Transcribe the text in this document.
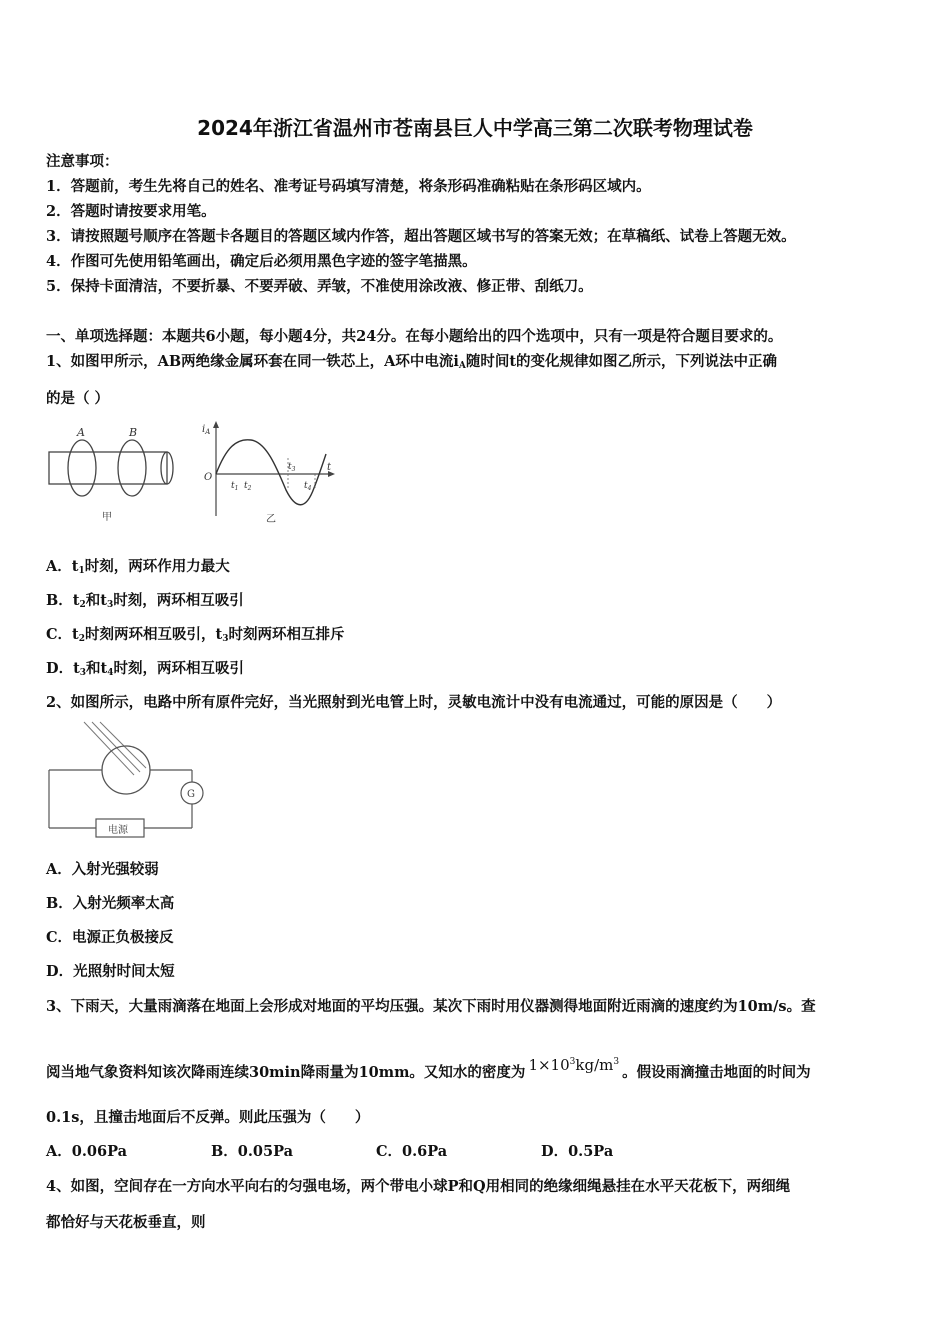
2024年浙江省温州市苍南县巨人中学高三第二次联考物理试卷
注意事项：
1．答题前，考生先将自己的姓名、准考证号码填写清楚，将条形码准确粘贴在条形码区域内。
2．答题时请按要求用笔。
3．请按照题号顺序在答题卡各题目的答题区域内作答，超出答题区域书写的答案无效；在草稿纸、试卷上答题无效。
4．作图可先使用铅笔画出，确定后必须用黑色字迹的签字笔描黑。
5．保持卡面清洁，不要折暴、不要弄破、弄皱，不准使用涂改液、修正带、刮纸刀。
一、单项选择题：本题共6小题，每小题4分，共24分。在每小题给出的四个选项中，只有一项是符合题目要求的。
1、如图甲所示，AB两绝缘金属环套在同一铁芯上，A环中电流$i_A$随时间t的变化规律如图乙所示，下列说法中正确
的是（ ）
A	B
甲
$i_A$
O
t
$t_1$ $t_2$
$t_3$
$t_4$
乙
A．$t_1$时刻，两环作用力最大
B．$t_2$和$t_3$时刻，两环相互吸引
C．$t_2$时刻两环相互吸引，$t_3$时刻两环相互排斥
D．$t_3$和$t_4$时刻，两环相互吸引
2、如图所示，电路中所有原件完好，当光照射到光电管上时，灵敏电流计中没有电流通过，可能的原因是（　　）
G
电源
A．入射光强较弱
B．入射光频率太高
C．电源正负极接反
D．光照射时间太短
3、下雨天，大量雨滴落在地面上会形成对地面的平均压强。某次下雨时用仪器测得地面附近雨滴的速度约为10m/s。查
阅当地气象资料知该次降雨连续30min降雨量为10mm。又知水的密度为 $1\times 10^3kg/m^3$。假设雨滴撞击地面的时间为
0.1s，且撞击地面后不反弹。则此压强为（　　）
A．0.06Pa	B．0.05Pa	C．0.6Pa	D．0.5Pa
4、如图，空间存在一方向水平向右的匀强电场，两个带电小球P和Q用相同的绝缘细绳悬挂在水平天花板下，两细绳
都恰好与天花板垂直，则
